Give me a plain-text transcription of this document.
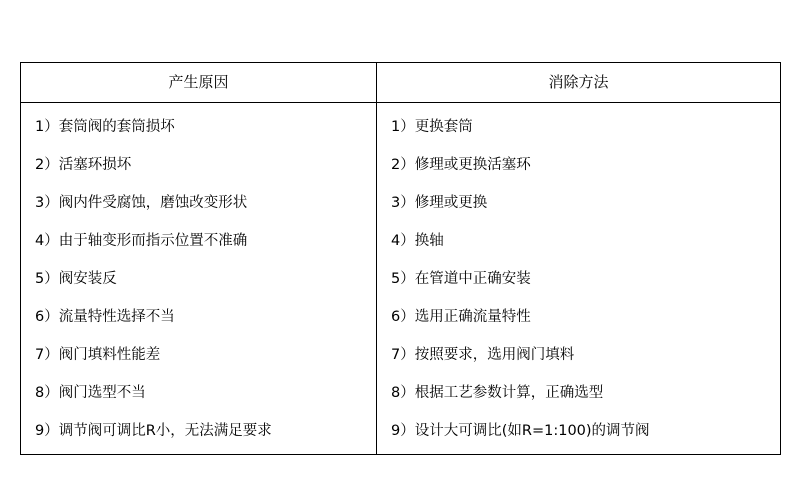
产生原因	消除方法
1）套筒阀的套筒损坏	1）更换套筒
2）活塞环损坏	2）修理或更换活塞环
3）阀内件受腐蚀，磨蚀改变形状	3）修理或更换
4）由于轴变形而指示位置不准确	4）换轴
5）阀安装反	5）在管道中正确安装
6）流量特性选择不当	6）选用正确流量特性
7）阀门填料性能差	7）按照要求，选用阀门填料
8）阀门选型不当	8）根据工艺参数计算，正确选型
9）调节阀可调比R小，无法满足要求	9）设计大可调比(如R=1:100)的调节阀
